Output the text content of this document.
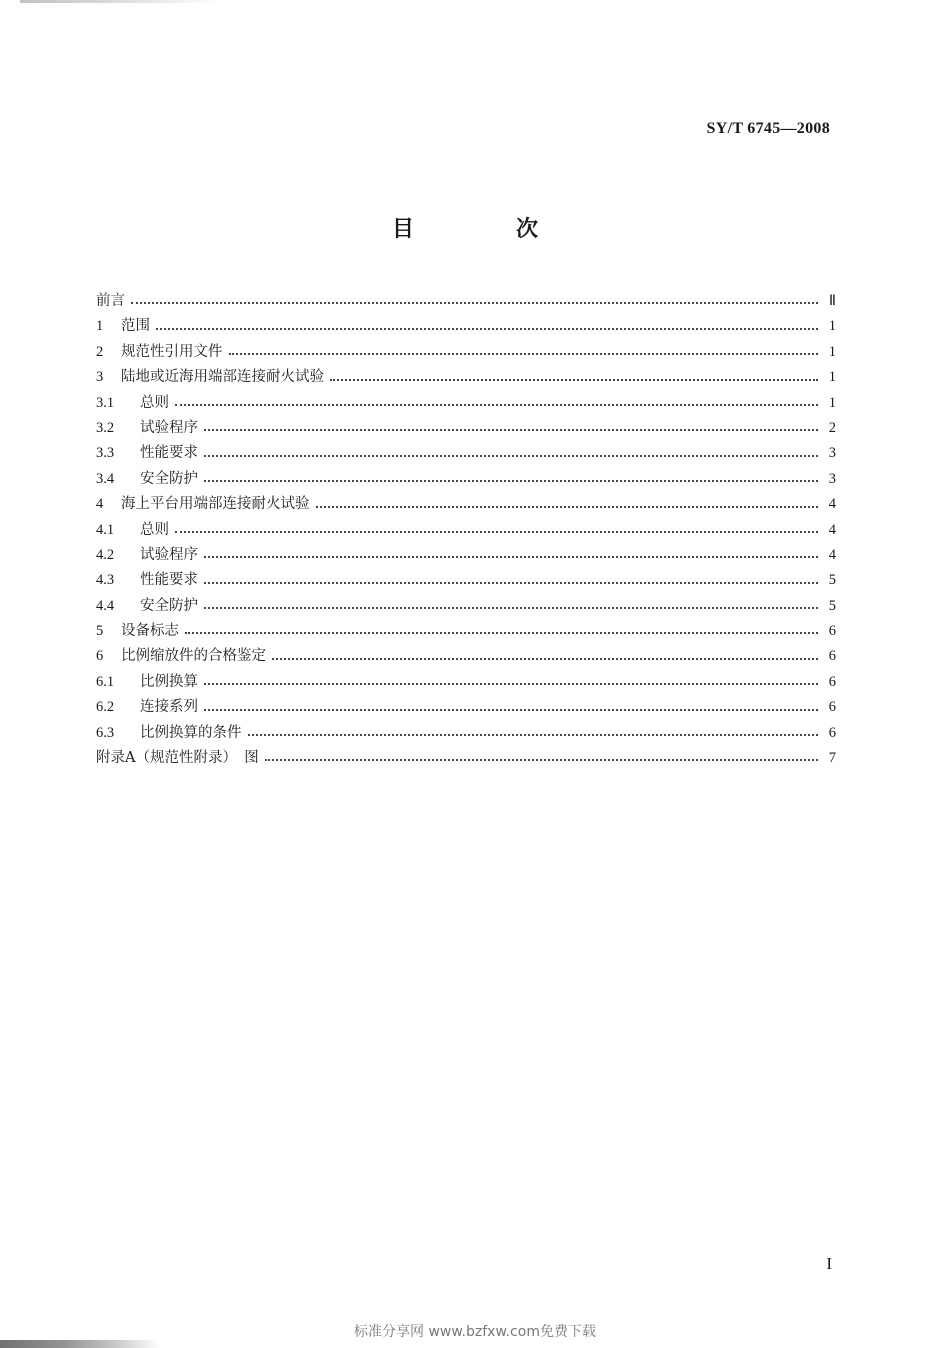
SY/T 6745—2008
目　次
前言	Ⅱ
1	范围	1
2	规范性引用文件	1
3	陆地或近海用端部连接耐火试验	1
3.1	总则	1
3.2	试验程序	2
3.3	性能要求	3
3.4	安全防护	3
4	海上平台用端部连接耐火试验	4
4.1	总则	4
4.2	试验程序	4
4.3	性能要求	5
4.4	安全防护	5
5	设备标志	6
6	比例缩放件的合格鉴定	6
6.1	比例换算	6
6.2	连接系列	6
6.3	比例换算的条件	6
附录A（规范性附录）　图	7
I
标准分享网 www.bzfxw.com免费下载
